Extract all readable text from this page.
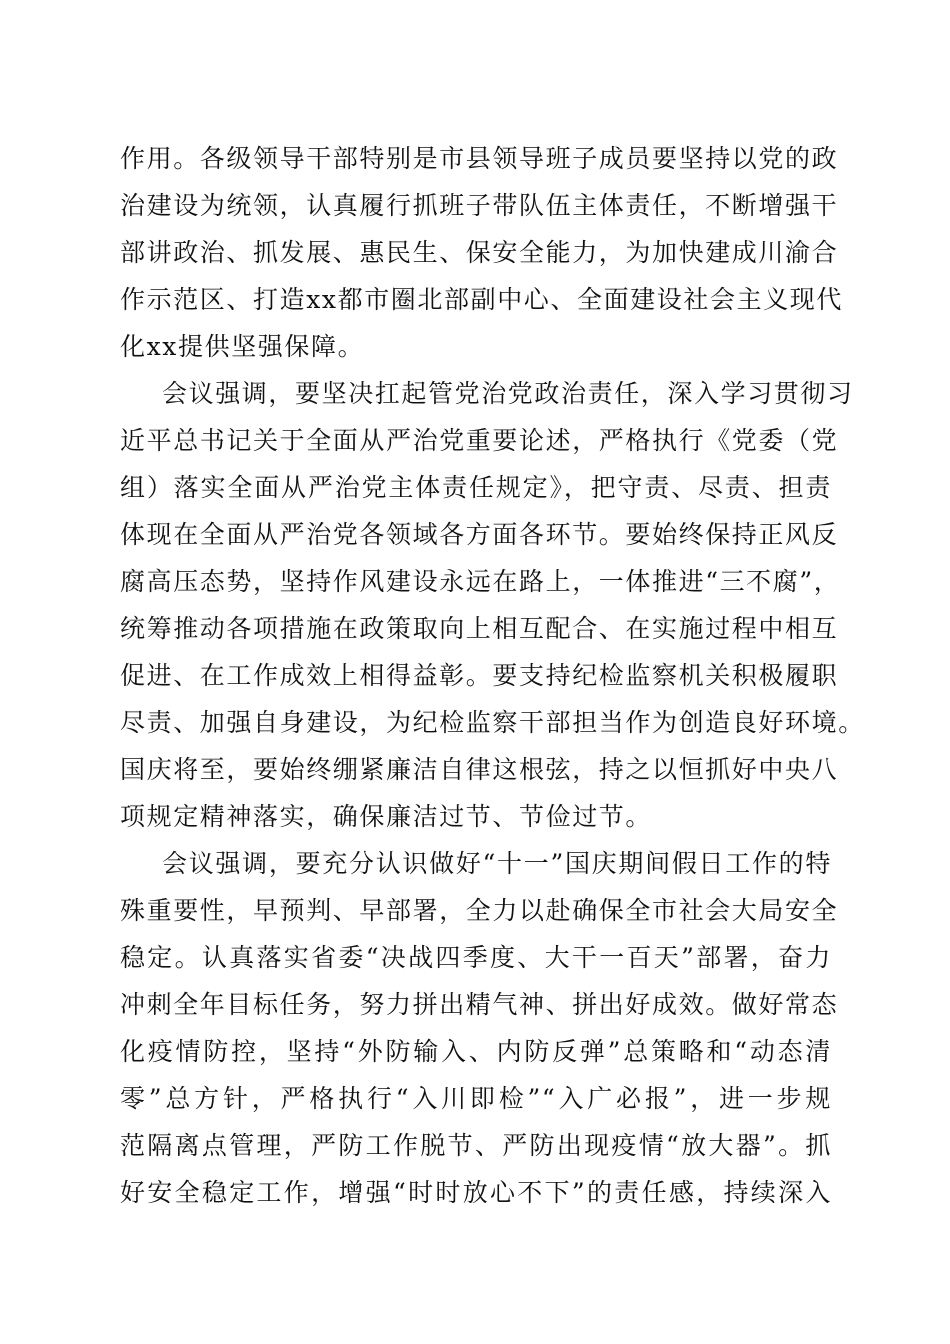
作用。各级领导干部特别是市县领导班子成员要坚持以党的政
治建设为统领，认真履行抓班子带队伍主体责任，不断增强干
部讲政治、抓发展、惠民生、保安全能力，为加快建成川渝合
作示范区、打造xx都市圈北部副中心、全面建设社会主义现代
化xx提供坚强保障。
会议强调，要坚决扛起管党治党政治责任，深入学习贯彻习
近平总书记关于全面从严治党重要论述，严格执行《党委（党
组）落实全面从严治党主体责任规定》，把守责、尽责、担责
体现在全面从严治党各领域各方面各环节。要始终保持正风反
腐高压态势，坚持作风建设永远在路上，一体推进“三不腐”，
统筹推动各项措施在政策取向上相互配合、在实施过程中相互
促进、在工作成效上相得益彰。要支持纪检监察机关积极履职
尽责、加强自身建设，为纪检监察干部担当作为创造良好环境。
国庆将至，要始终绷紧廉洁自律这根弦，持之以恒抓好中央八
项规定精神落实，确保廉洁过节、节俭过节。
会议强调，要充分认识做好“十一”国庆期间假日工作的特
殊重要性，早预判、早部署，全力以赴确保全市社会大局安全
稳定。认真落实省委“决战四季度、大干一百天”部署，奋力
冲刺全年目标任务，努力拼出精气神、拼出好成效。做好常态
化疫情防控，坚持“外防输入、内防反弹”总策略和“动态清
零”总方针，严格执行“入川即检”“入广必报”，进一步规
范隔离点管理，严防工作脱节、严防出现疫情“放大器”。抓
好安全稳定工作，增强“时时放心不下”的责任感，持续深入
